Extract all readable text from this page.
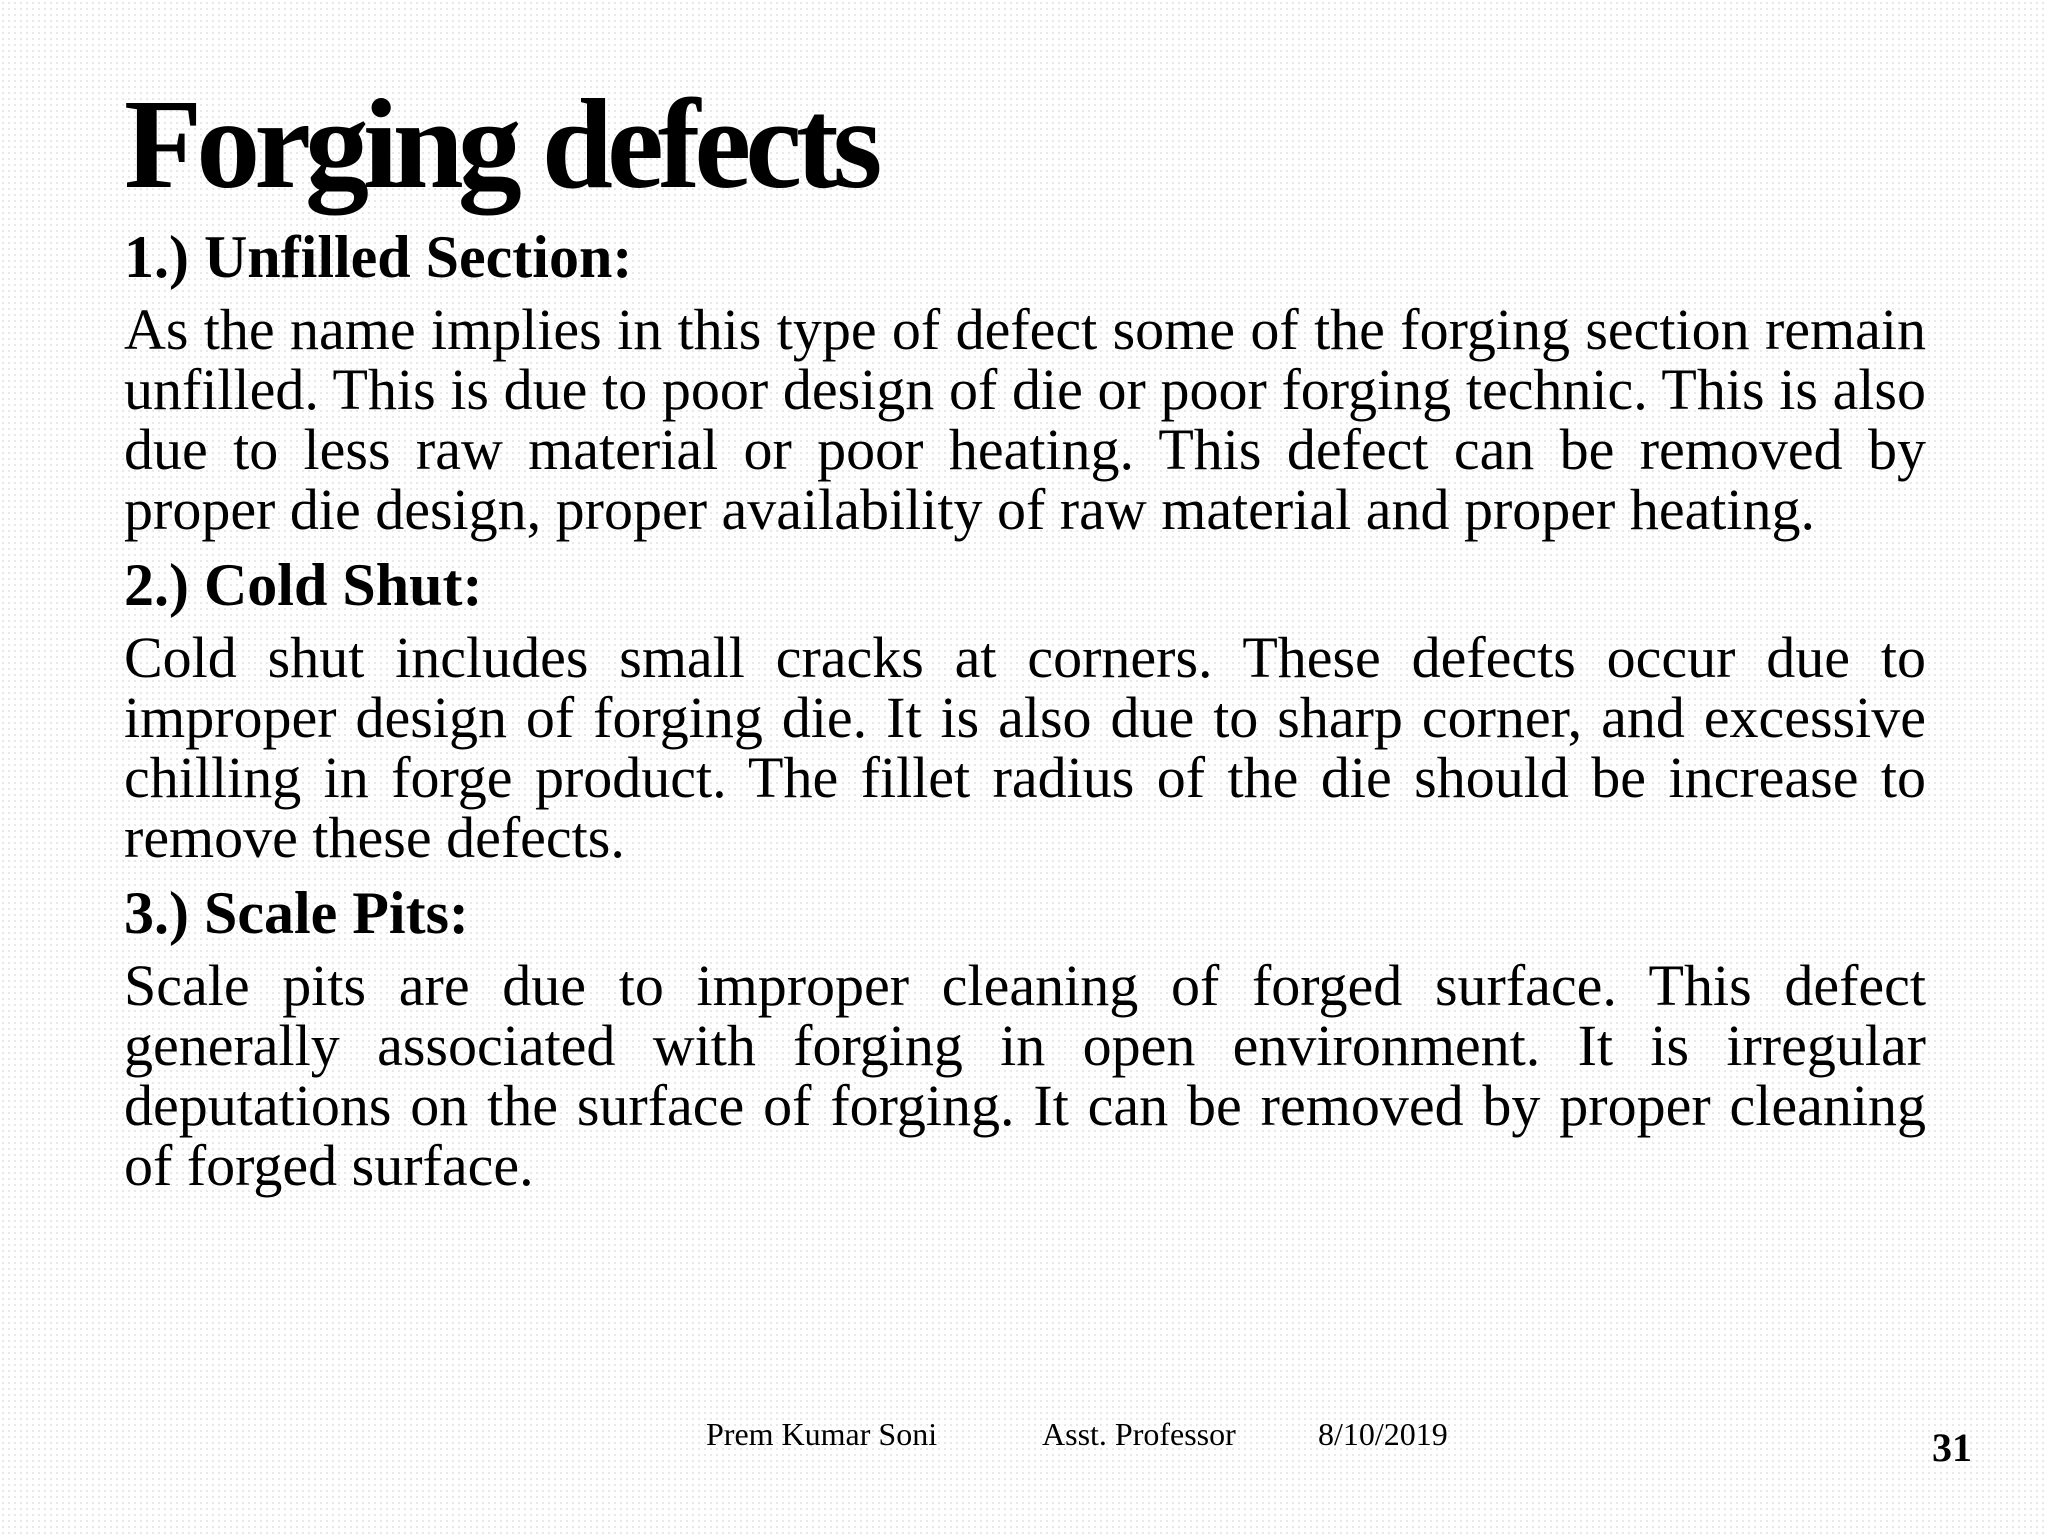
Forging defects
1.) Unfilled Section:

As the name implies in this type of defect some of the forging section remain unfilled. This is due to poor design of die or poor forging technic. This is also due to less raw material or poor heating. This defect can be removed by proper die design, proper availability of raw material and proper heating.

2.) Cold Shut:

Cold shut includes small cracks at corners. These defects occur due to improper design of forging die. It is also due to sharp corner, and excessive chilling in forge product. The fillet radius of the die should be increase to remove these defects.

3.) Scale Pits:

Scale pits are due to improper cleaning of forged surface. This defect generally associated with forging in open environment. It is irregular deputations on the surface of forging. It can be removed by proper cleaning of forged surface.

Prem Kumar Soni	Asst. Professor	8/10/2019	31
